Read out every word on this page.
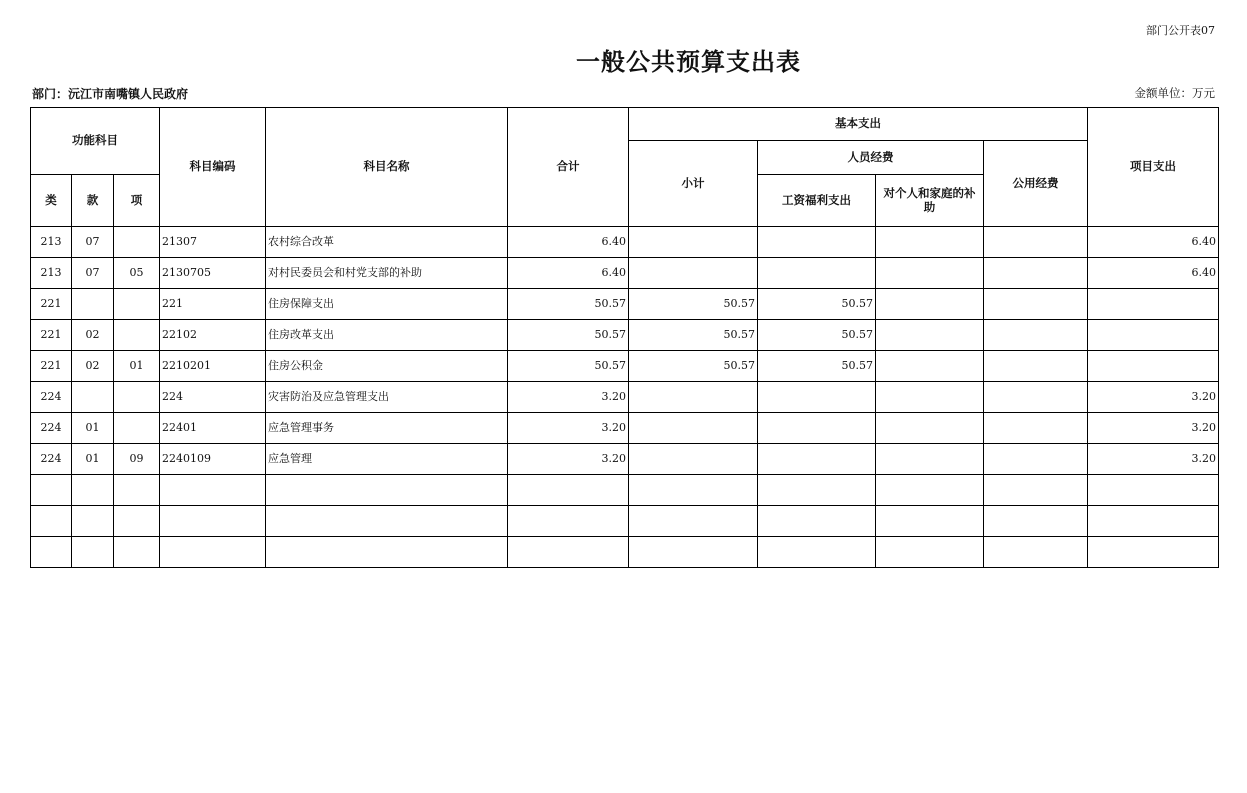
部门公开表07
一般公共预算支出表
部门：沅江市南嘴镇人民政府	金额单位：万元
功能科目			科目编码	科目名称	合计	基本支出				项目支出
						小计	人员经费		公用经费	
类	款	项					工资福利支出	对个人和家庭的补助		
213	07		21307	农村综合改革	6.40					6.40
213	07	05	2130705	对村民委员会和村党支部的补助	6.40					6.40
221			221	住房保障支出	50.57	50.57	50.57			
221	02		22102	住房改革支出	50.57	50.57	50.57			
221	02	01	2210201	住房公积金	50.57	50.57	50.57			
224			224	灾害防治及应急管理支出	3.20					3.20
224	01		22401	应急管理事务	3.20					3.20
224	01	09	2240109	应急管理	3.20					3.20
